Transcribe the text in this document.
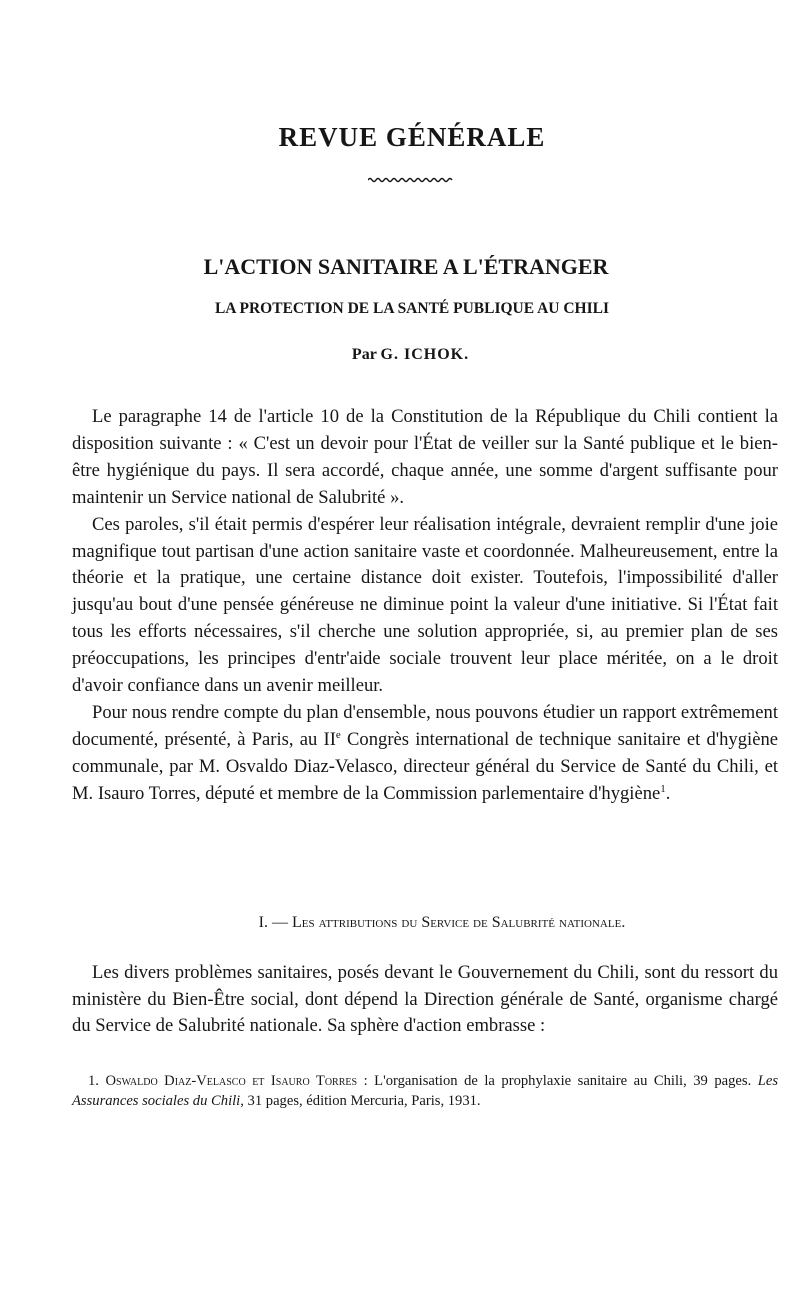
REVUE GÉNÉRALE
L'ACTION SANITAIRE A L'ÉTRANGER
LA PROTECTION DE LA SANTÉ PUBLIQUE AU CHILI
Par G. ICHOK.

Le paragraphe 14 de l'article 10 de la Constitution de la République du Chili contient la disposition suivante : « C'est un devoir pour l'État de veiller sur la Santé publique et le bien-être hygiénique du pays. Il sera accordé, chaque année, une somme d'argent suffisante pour maintenir un Service national de Salubrité ».

Ces paroles, s'il était permis d'espérer leur réalisation intégrale, devraient remplir d'une joie magnifique tout partisan d'une action sanitaire vaste et coordonnée. Malheureusement, entre la théorie et la pratique, une certaine distance doit exister. Toutefois, l'impossibilité d'aller jusqu'au bout d'une pensée généreuse ne diminue point la valeur d'une initiative. Si l'État fait tous les efforts nécessaires, s'il cherche une solution appropriée, si, au premier plan de ses préoccupations, les principes d'entr'aide sociale trouvent leur place méritée, on a le droit d'avoir confiance dans un avenir meilleur.

Pour nous rendre compte du plan d'ensemble, nous pouvons étudier un rapport extrêmement documenté, présenté, à Paris, au IIe Congrès international de technique sanitaire et d'hygiène communale, par M. Osvaldo Diaz-Velasco, directeur général du Service de Santé du Chili, et M. Isauro Torres, député et membre de la Commission parlementaire d'hygiène$^1$.

I. — Les attributions du Service de Salubrité nationale.

Les divers problèmes sanitaires, posés devant le Gouvernement du Chili, sont du ressort du ministère du Bien-Être social, dont dépend la Direction générale de Santé, organisme chargé du Service de Salubrité nationale. Sa sphère d'action embrasse :

1. Oswaldo Diaz-Velasco et Isauro Torres : L'organisation de la prophylaxie sanitaire au Chili, 39 pages. Les Assurances sociales du Chili, 31 pages, édition Mercuria, Paris, 1931.
